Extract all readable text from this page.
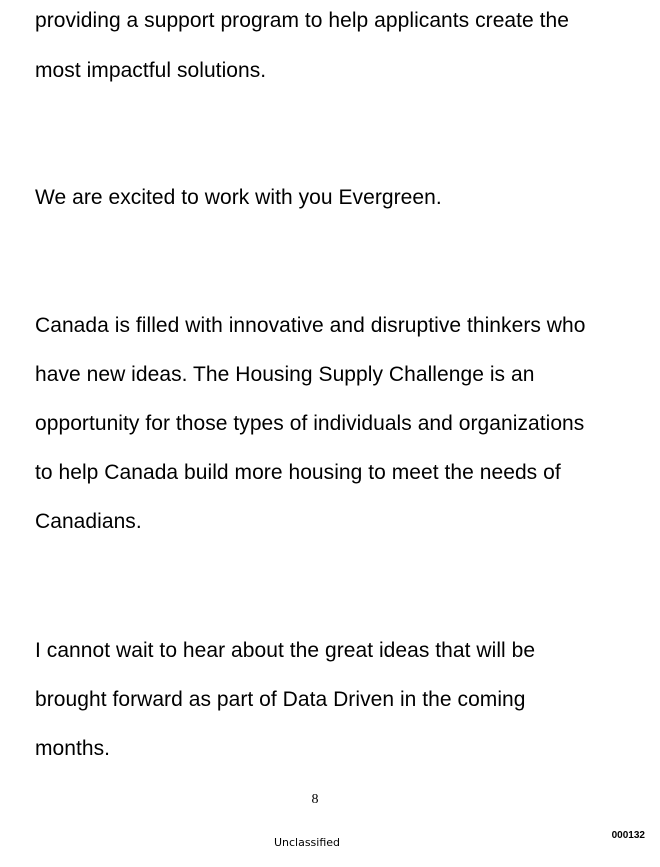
providing a support program to help applicants create the

most impactful solutions.

We are excited to work with you Evergreen.

Canada is filled with innovative and disruptive thinkers who

have new ideas. The Housing Supply Challenge is an

opportunity for those types of individuals and organizations

to help Canada build more housing to meet the needs of

Canadians.

I cannot wait to hear about the great ideas that will be

brought forward as part of Data Driven in the coming

months.

8
Unclassified
000132
